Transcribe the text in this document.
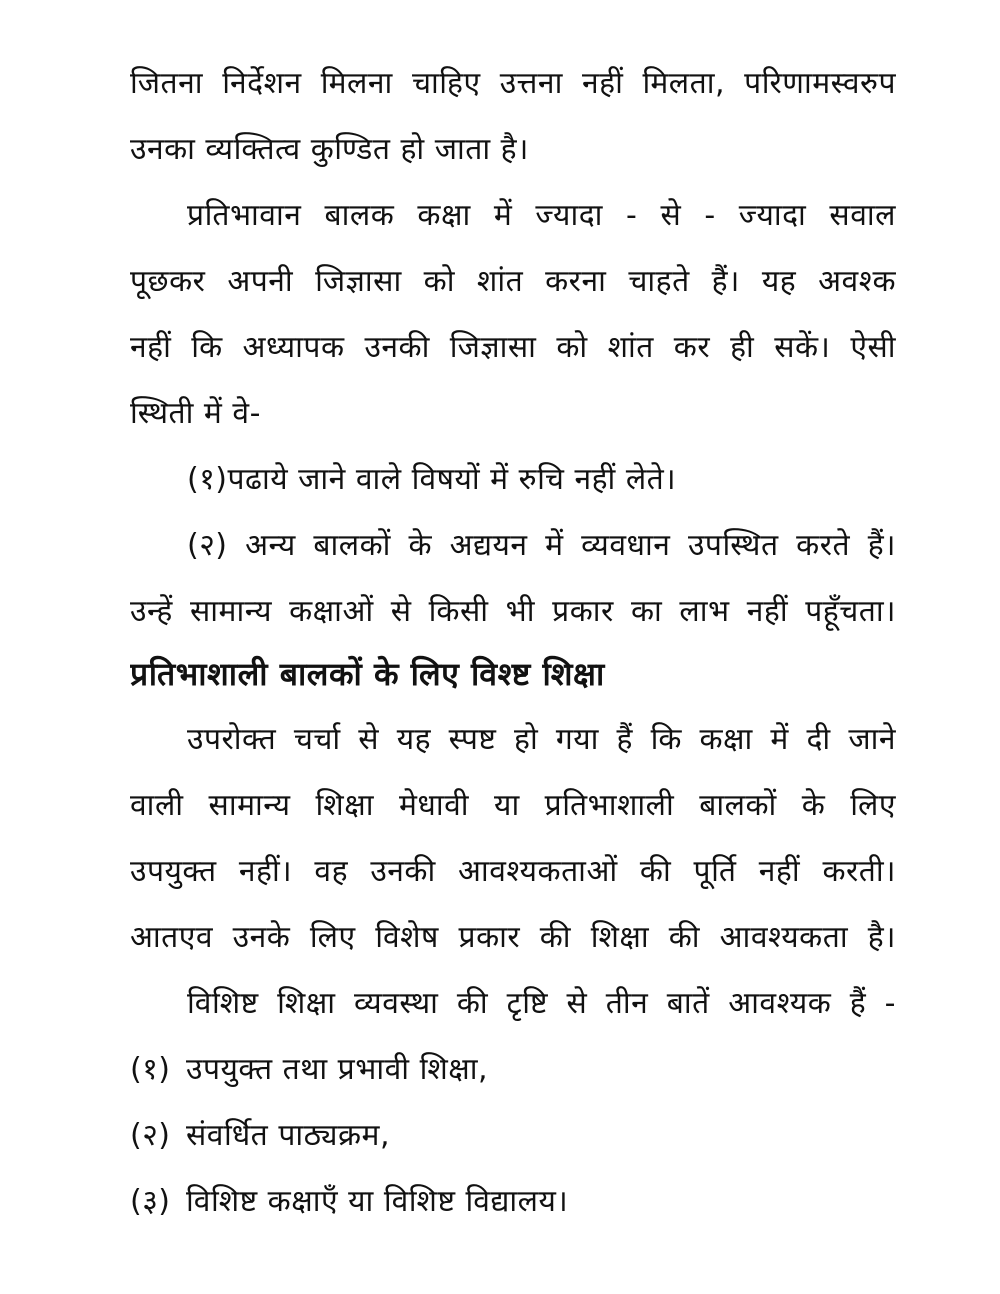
जितना निर्देशन मिलना चाहिए उत्तना नहीं मिलता, परिणामस्वरुप
उनका व्यक्तित्व कुण्डित हो जाता है।
प्रतिभावान बालक कक्षा में ज्यादा - से - ज्यादा सवाल
पूछकर अपनी जिज्ञासा को शांत करना चाहते हैं। यह अवश्क
नहीं कि अध्यापक उनकी जिज्ञासा को शांत कर ही सकें। ऐसी
स्थिती में वे-
(१)पढाये जाने वाले विषयों में रुचि नहीं लेते।
(२) अन्य बालकों के अद्ययन में व्यवधान उपस्थित करते हैं।
उन्हें सामान्य कक्षाओं से किसी भी प्रकार का लाभ नहीं पहूँचता।
प्रतिभाशाली बालकों के लिए विश्ष्ट शिक्षा
उपरोक्त चर्चा से यह स्पष्ट हो गया हैं कि कक्षा में दी जाने
वाली सामान्य शिक्षा मेधावी या प्रतिभाशाली बालकों के लिए
उपयुक्त नहीं। वह उनकी आवश्यकताओं की पूर्ति नहीं करती।
आतएव उनके लिए विशेष प्रकार की शिक्षा की आवश्यकता है।
विशिष्ट शिक्षा व्यवस्था की टृष्टि से तीन बातें आवश्यक हैं -
(१) उपयुक्त तथा प्रभावी शिक्षा,
(२) संवर्धित पाठ्यक्रम,
(३) विशिष्ट कक्षाएँ या विशिष्ट विद्यालय।
